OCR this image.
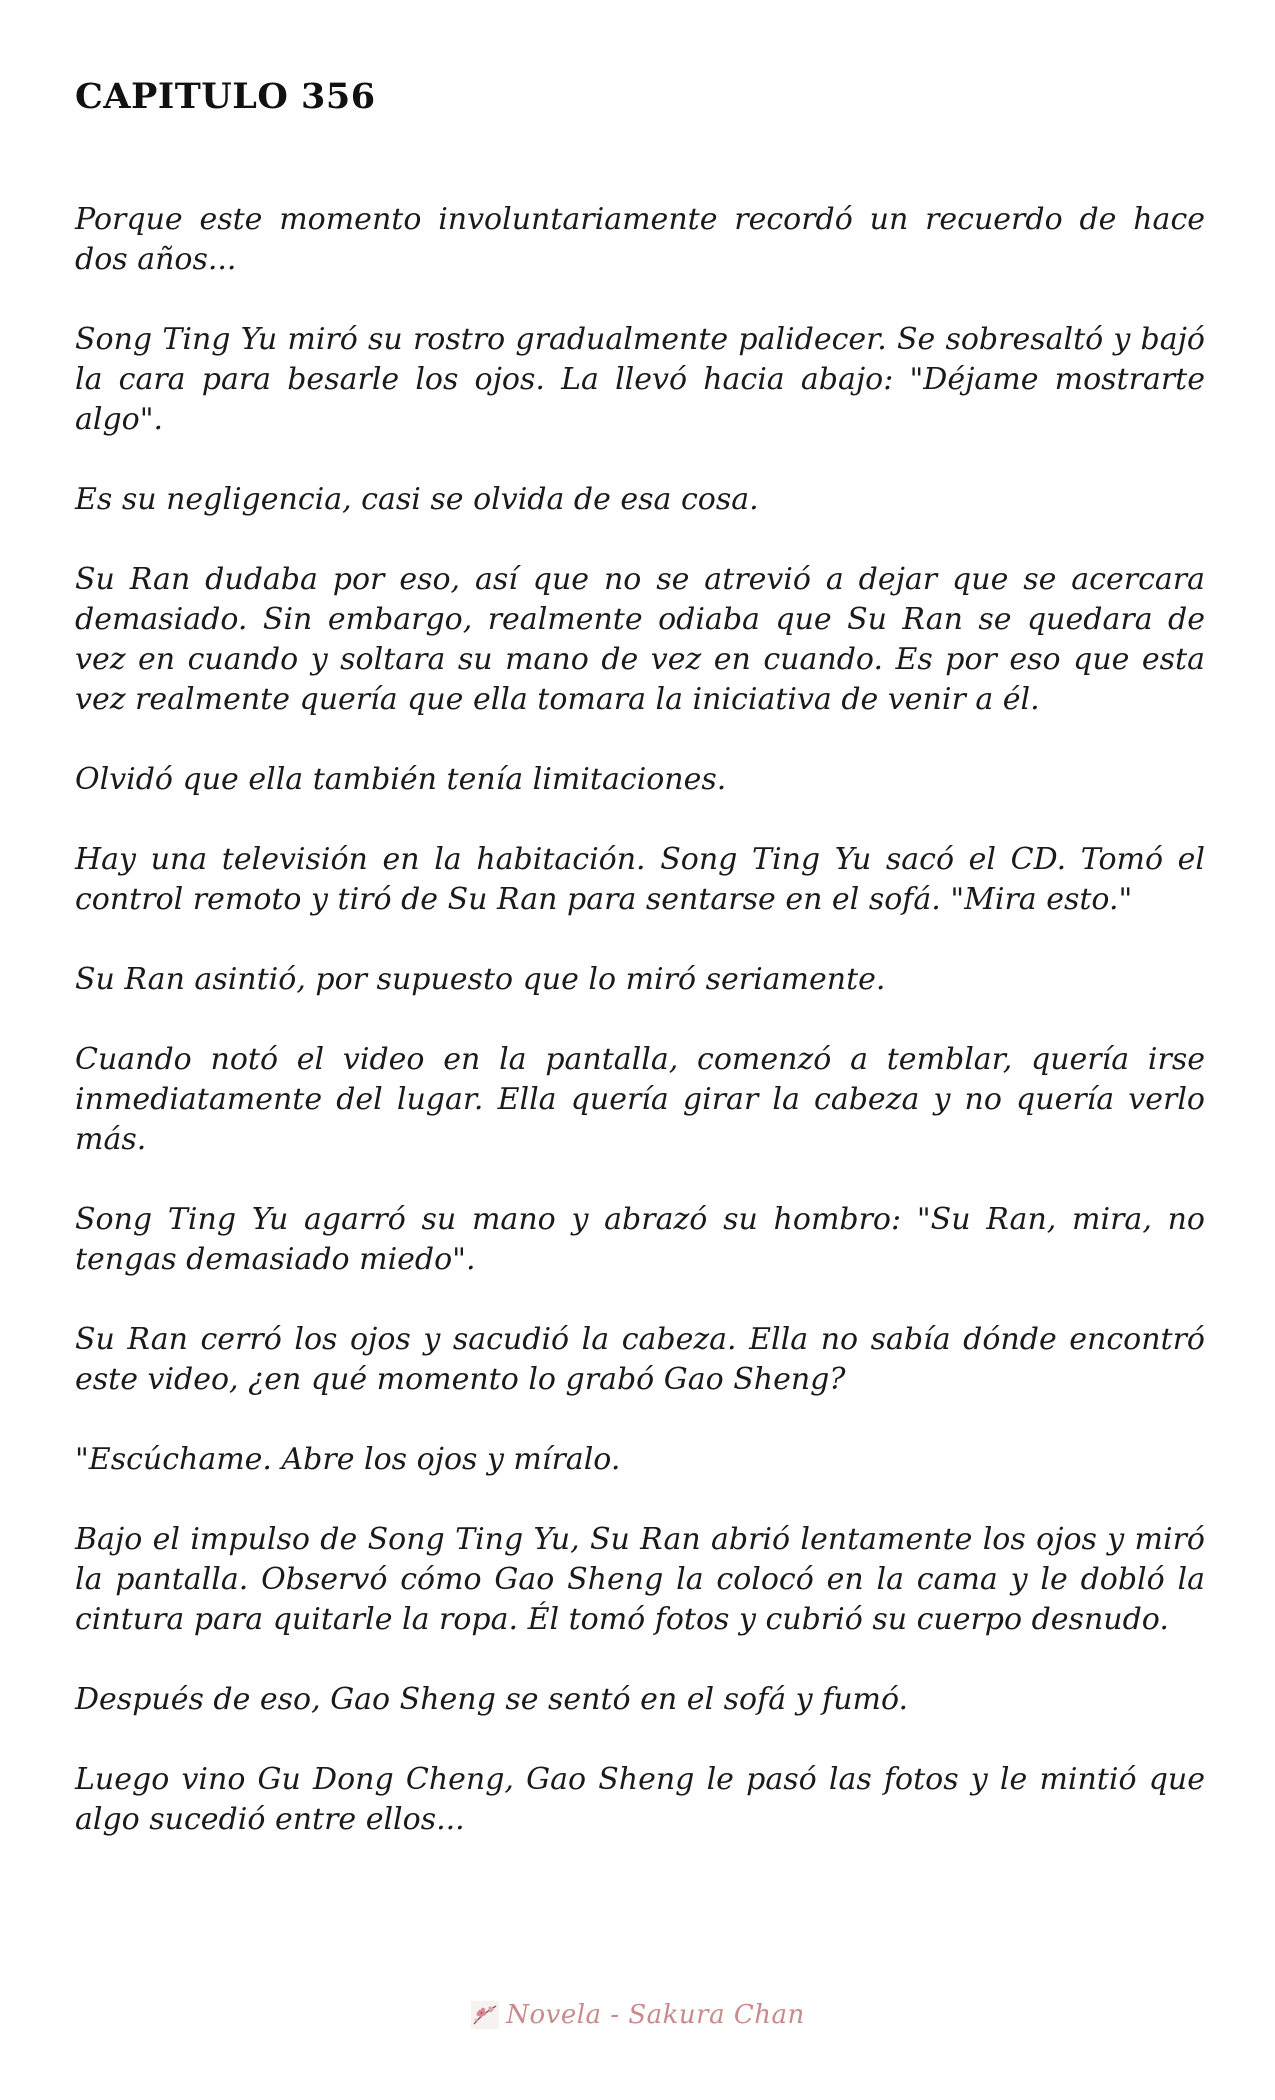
CAPITULO 356

Porque este momento involuntariamente recordó un recuerdo de hace dos años...

Song Ting Yu miró su rostro gradualmente palidecer. Se sobresaltó y bajó la cara para besarle los ojos. La llevó hacia abajo: "Déjame mostrarte algo".

Es su negligencia, casi se olvida de esa cosa.

Su Ran dudaba por eso, así que no se atrevió a dejar que se acercara demasiado. Sin embargo, realmente odiaba que Su Ran se quedara de vez en cuando y soltara su mano de vez en cuando. Es por eso que esta vez realmente quería que ella tomara la iniciativa de venir a él.

Olvidó que ella también tenía limitaciones.

Hay una televisión en la habitación. Song Ting Yu sacó el CD. Tomó el control remoto y tiró de Su Ran para sentarse en el sofá. "Mira esto."

Su Ran asintió, por supuesto que lo miró seriamente.

Cuando notó el video en la pantalla, comenzó a temblar, quería irse inmediatamente del lugar. Ella quería girar la cabeza y no quería verlo más.

Song Ting Yu agarró su mano y abrazó su hombro: "Su Ran, mira, no tengas demasiado miedo".

Su Ran cerró los ojos y sacudió la cabeza. Ella no sabía dónde encontró este video, ¿en qué momento lo grabó Gao Sheng?

"Escúchame. Abre los ojos y míralo.

Bajo el impulso de Song Ting Yu, Su Ran abrió lentamente los ojos y miró la pantalla. Observó cómo Gao Sheng la colocó en la cama y le dobló la cintura para quitarle la ropa. Él tomó fotos y cubrió su cuerpo desnudo.

Después de eso, Gao Sheng se sentó en el sofá y fumó.

Luego vino Gu Dong Cheng, Gao Sheng le pasó las fotos y le mintió que algo sucedió entre ellos...

Novela - Sakura Chan
